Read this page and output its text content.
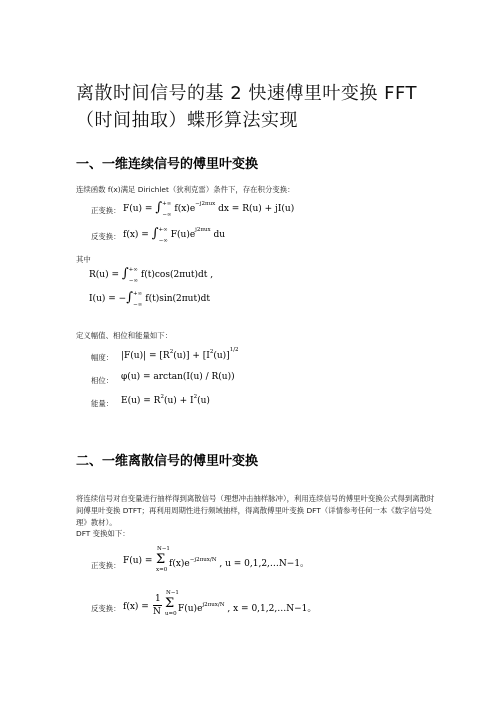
离散时间信号的基 2 快速傅里叶变换 FFT（时间抽取）蝶形算法实现
一、一维连续信号的傅里叶变换
连续函数 f(x)满足 Dirichlet（狄利克雷）条件下，存在积分变换：
正变换： $F(u) = \int^{+\infty}_{-\infty}$ $f(x)e^{-j2\pi ux}$ dx = R(u) + jI(u)
反变换： $f(x) = \int^{+\infty}_{-\infty}$ $F(u)e^{j2\pi ux}$ du
其中
$R(u) = \int^{+\infty}_{-\infty}$ f(t)cos(2πut)dt ,
$I(u) = -\int^{+\infty}_{-\infty}$ f(t)sin(2πut)dt
定义幅值、相位和能量如下：
幅度： $|F(u)| = [R^2(u)] + [I^2(u)]^{1/2}$
相位： φ(u) = arctan(I(u) / R(u))
能量： $E(u) = R^2(u) + I^2(u)$
二、一维离散信号的傅里叶变换
将连续信号对自变量进行抽样得到离散信号（理想冲击抽样脉冲），利用连续信号的傅里叶变换公式得到离散时间傅里叶变换 DTFT；再利用周期性进行频域抽样，得离散傅里叶变换 DFT（详情参考任何一本《数字信号处理》教材）。
DFT 变换如下：
正变换： F(u) =
N−1
Σ
x=0
$f(x)e^{-j2\pi ux/N}$ , u = 0,1,2,…N−1。
反变换： f(x) =
1
N
N−1
Σ
u=0 $F(u)e^{j2\pi ux/N}$ , x = 0,1,2,…N−1。
